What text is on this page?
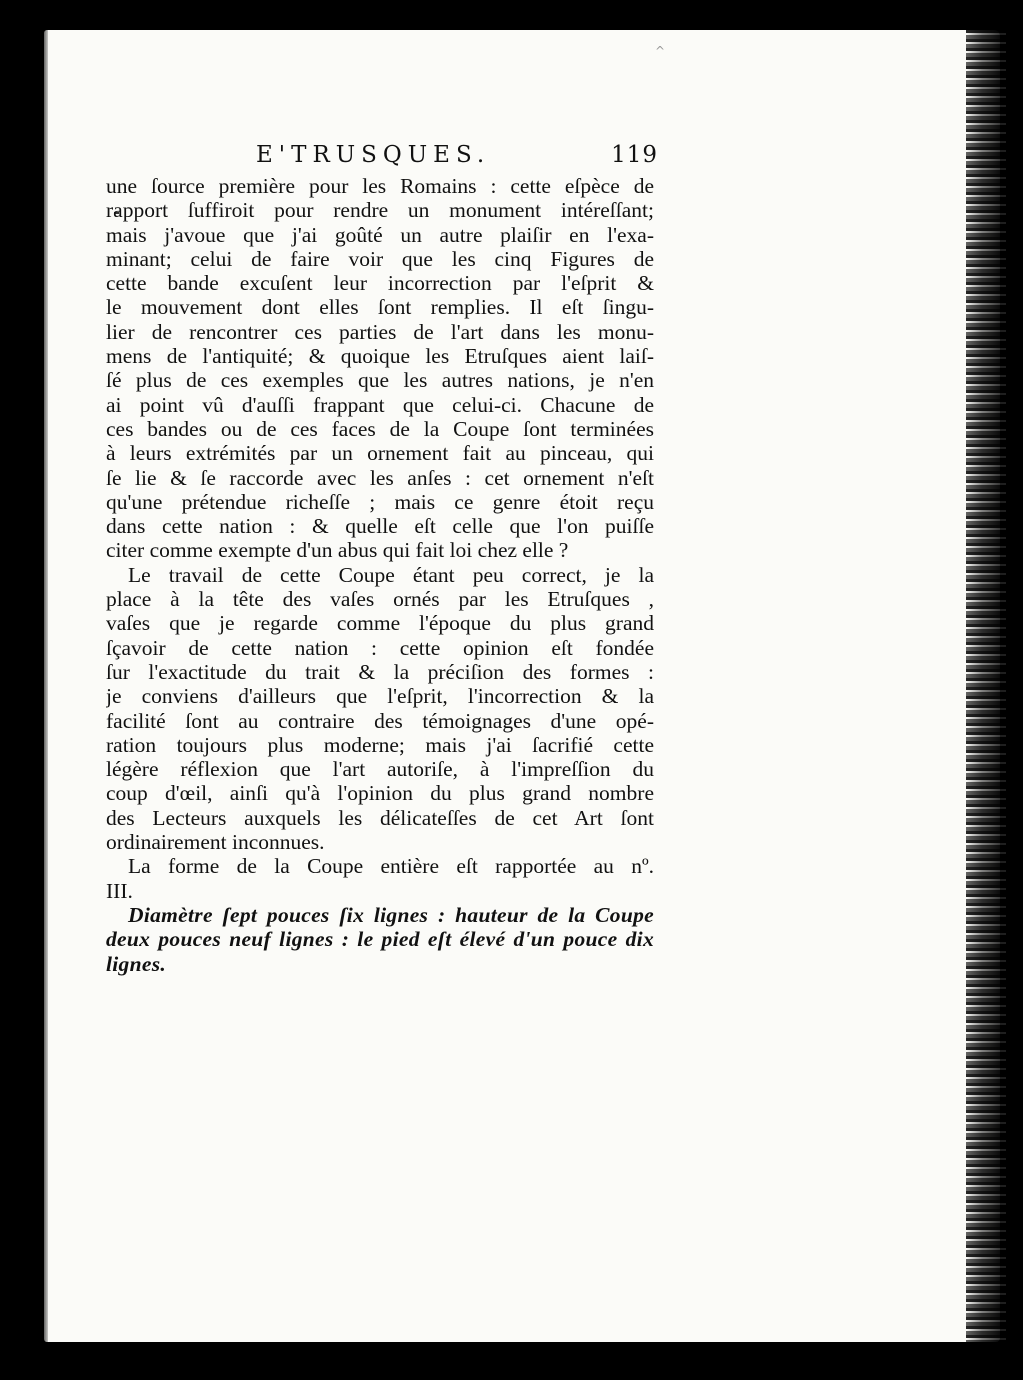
^
E'TRUSQUES.	119
une ſource première pour les Romains : cette eſpèce de
rapport ſuffiroit pour rendre un monument intéreſſant;
mais j'avoue que j'ai goûté un autre plaiſir en l'exa-
minant; celui de faire voir que les cinq Figures de
cette bande excuſent leur incorrection par l'eſprit &
le mouvement dont elles ſont remplies. Il eſt ſingu-
lier de rencontrer ces parties de l'art dans les monu-
mens de l'antiquité; & quoique les Etruſques aient laiſ-
ſé plus de ces exemples que les autres nations, je n'en
ai point vû d'auſſi frappant que celui-ci. Chacune de
ces bandes ou de ces faces de la Coupe ſont terminées
à leurs extrémités par un ornement fait au pinceau, qui
ſe lie & ſe raccorde avec les anſes : cet ornement n'eſt
qu'une prétendue richeſſe ; mais ce genre étoit reçu
dans cette nation : & quelle eſt celle que l'on puiſſe
citer comme exempte d'un abus qui fait loi chez elle ?
Le travail de cette Coupe étant peu correct, je la
place à la tête des vaſes ornés par les Etruſques ,
vaſes que je regarde comme l'époque du plus grand
ſçavoir de cette nation : cette opinion eſt fondée
ſur l'exactitude du trait & la préciſion des formes :
je conviens d'ailleurs que l'eſprit, l'incorrection & la
facilité ſont au contraire des témoignages d'une opé-
ration toujours plus moderne; mais j'ai ſacrifié cette
légère réflexion que l'art autoriſe, à l'impreſſion du
coup d'œil, ainſi qu'à l'opinion du plus grand nombre
des Lecteurs auxquels les délicateſſes de cet Art ſont
ordinairement inconnues.
La forme de la Coupe entière eſt rapportée au nº.
III.
Diamètre ſept pouces ſix lignes : hauteur de la Coupe
deux pouces neuf lignes : le pied eſt élevé d'un pouce dix
lignes.
